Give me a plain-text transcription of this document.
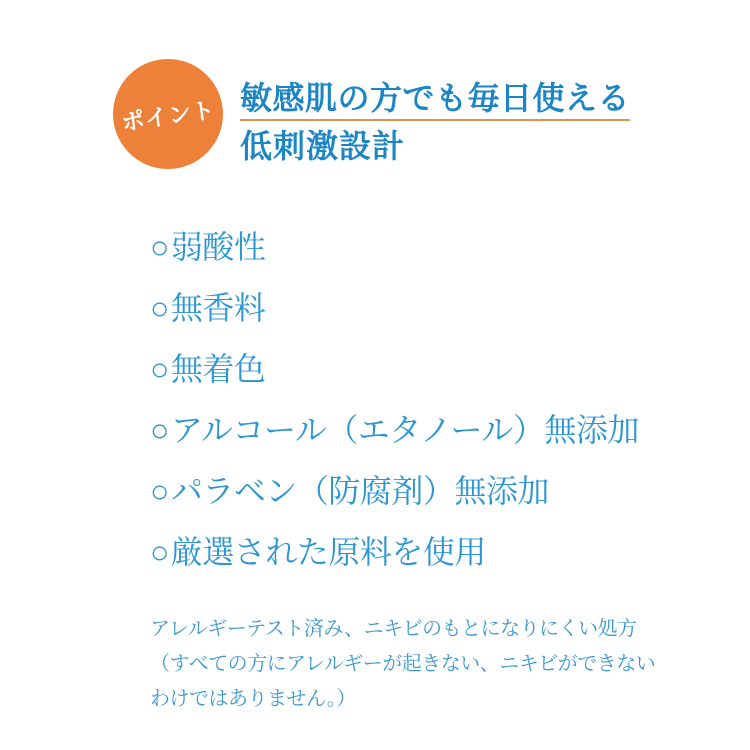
ポイント 敏感肌の方でも毎日使える
低刺激設計
○弱酸性
○無香料
○無着色
○アルコール（エタノール）無添加
○パラベン（防腐剤）無添加
○厳選された原料を使用
アレルギーテスト済み、ニキビのもとになりにくい処方
（すべての方にアレルギーが起きない、ニキビができない
わけではありません。）
